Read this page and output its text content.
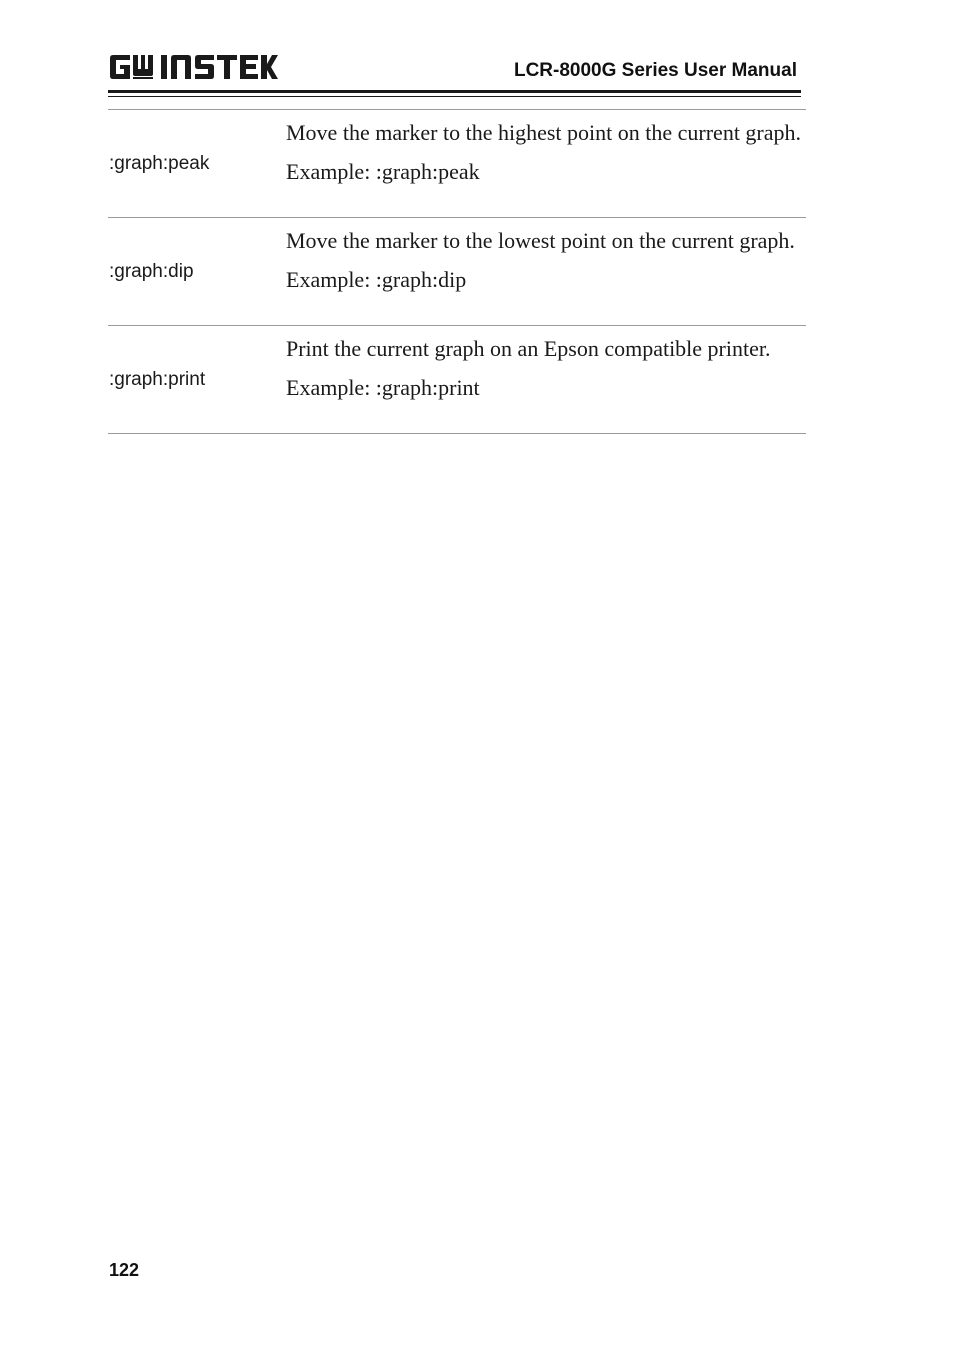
LCR-8000G Series User Manual
:graph:peak	Move the marker to the highest point on the current graph.
Example: :graph:peak

:graph:dip	Move the marker to the lowest point on the current graph.
Example: :graph:dip

:graph:print	Print the current graph on an Epson compatible printer.
Example: :graph:print
122
